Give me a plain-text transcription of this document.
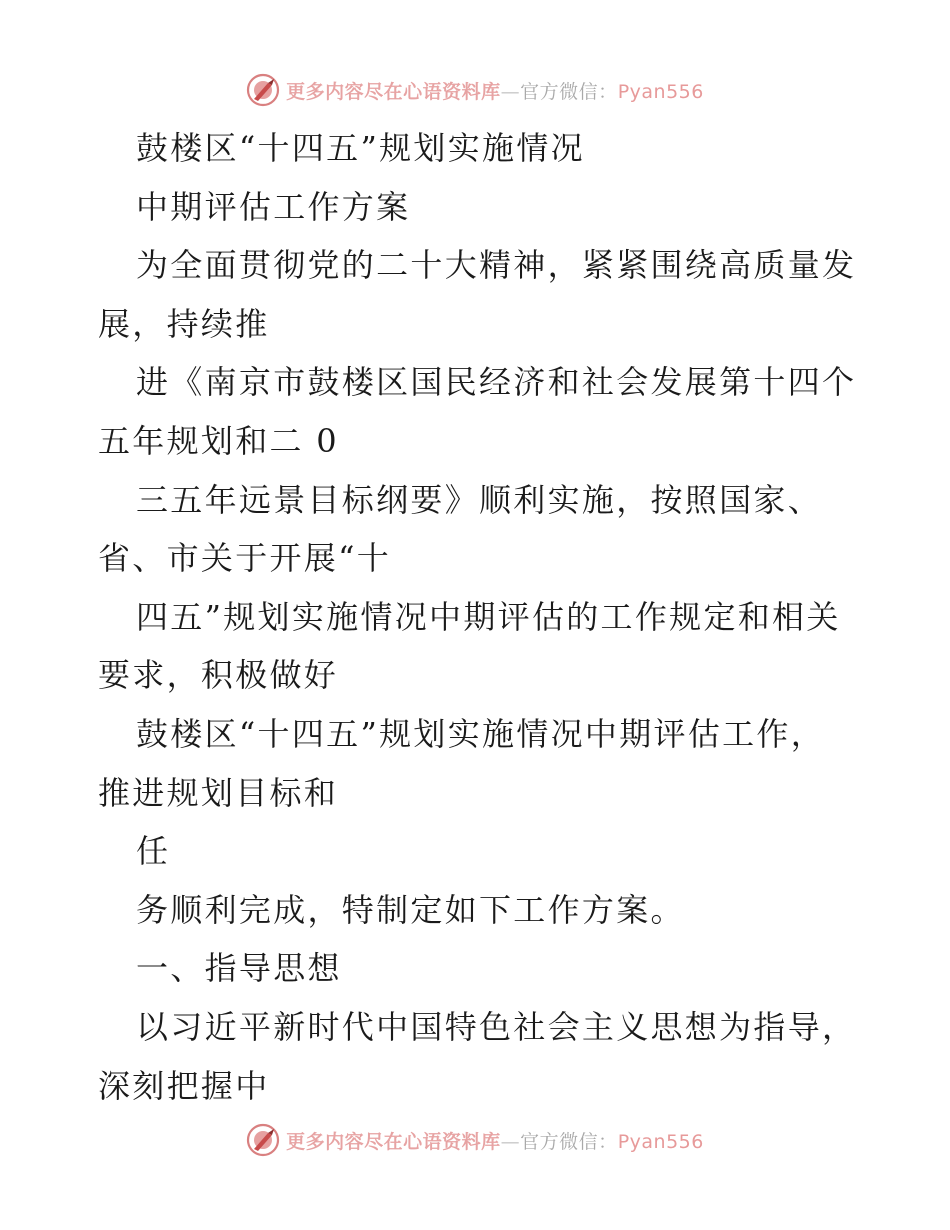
更多内容尽在心语资料库—官方微信：Pyan556
鼓楼区“十四五”规划实施情况
中期评估工作方案
为全面贯彻党的二十大精神，紧紧围绕高质量发
展，持续推
进《南京市鼓楼区国民经济和社会发展第十四个
五年规划和二 0
三五年远景目标纲要》顺利实施，按照国家、
省、市关于开展“十
四五”规划实施情况中期评估的工作规定和相关
要求，积极做好
鼓楼区“十四五”规划实施情况中期评估工作，
推进规划目标和
任
务顺利完成，特制定如下工作方案。
一、指导思想
以习近平新时代中国特色社会主义思想为指导，
深刻把握中
更多内容尽在心语资料库—官方微信：Pyan556
